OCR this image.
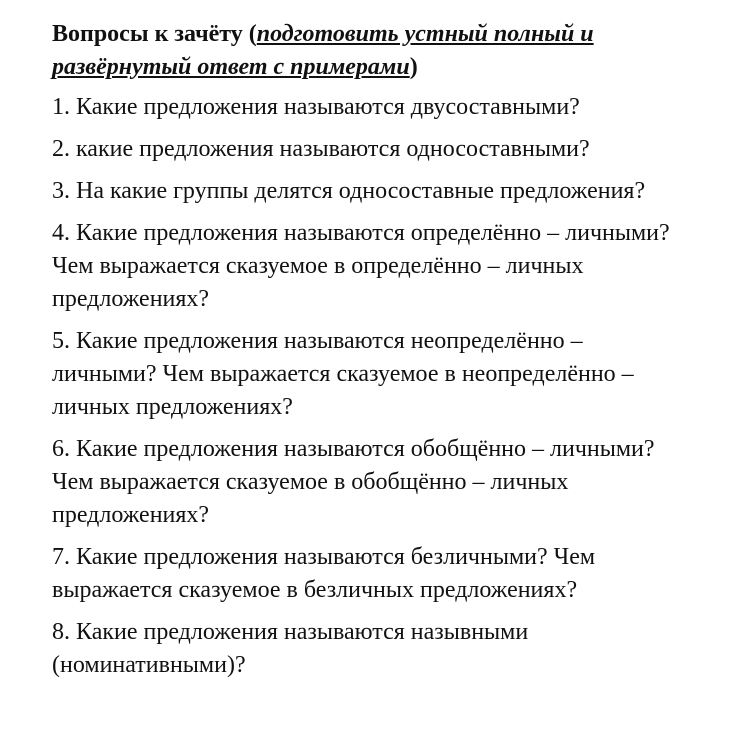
Вопросы к зачёту (подготовить устный полный и
развёрнутый ответ с примерами)
1. Какие предложения называются двусоставными?
2. какие предложения называются односоставными?
3. На какие группы делятся односоставные предложения?
4. Какие предложения называются определённо – личными?
Чем выражается сказуемое в определённо – личных
предложениях?
5. Какие предложения называются неопределённо –
личными? Чем выражается сказуемое в неопределённо –
личных предложениях?
6. Какие предложения называются обобщённо – личными?
Чем выражается сказуемое в обобщённо – личных
предложениях?
7. Какие предложения называются безличными? Чем
выражается сказуемое в безличных предложениях?
8. Какие предложения называются назывными
(номинативными)?
